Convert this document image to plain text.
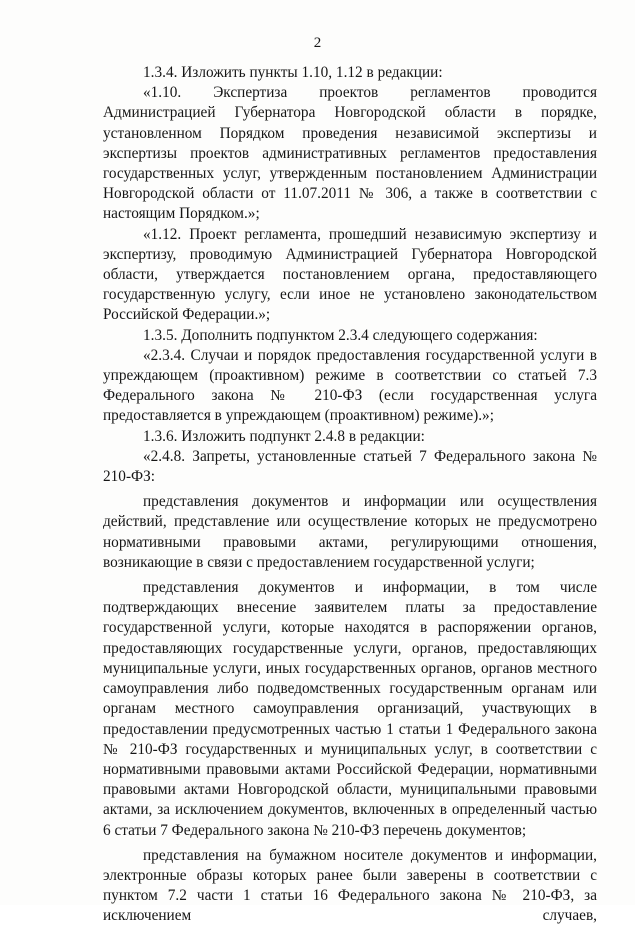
2

1.3.4. Изложить пункты 1.10, 1.12 в редакции:

«1.10. Экспертиза проектов регламентов проводится Администрацией Губернатора Новгородской области в порядке, установленном Порядком проведения независимой экспертизы и экспертизы проектов административных регламентов предоставления государственных услуг, утвержденным постановлением Администрации Новгородской области от 11.07.2011 № 306, а также в соответствии с настоящим Порядком.»;

«1.12. Проект регламента, прошедший независимую экспертизу и экспертизу, проводимую Администрацией Губернатора Новгородской области, утверждается постановлением органа, предоставляющего государственную услугу, если иное не установлено законодательством Российской Федерации.»;

1.3.5. Дополнить подпунктом 2.3.4 следующего содержания:

«2.3.4. Случаи и порядок предоставления государственной услуги в упреждающем (проактивном) режиме в соответствии со статьей 7.3 Федерального закона № 210-ФЗ (если государственная услуга предоставляется в упреждающем (проактивном) режиме).»;

1.3.6. Изложить подпункт 2.4.8 в редакции:

«2.4.8. Запреты, установленные статьей 7 Федерального закона № 210-ФЗ:

представления документов и информации или осуществления действий, представление или осуществление которых не предусмотрено нормативными правовыми актами, регулирующими отношения, возникающие в связи с предоставлением государственной услуги;

представления документов и информации, в том числе подтверждающих внесение заявителем платы за предоставление государственной услуги, которые находятся в распоряжении органов, предоставляющих государственные услуги, органов, предоставляющих муниципальные услуги, иных государственных органов, органов местного самоуправления либо подведомственных государственным органам или органам местного самоуправления организаций, участвующих в предоставлении предусмотренных частью 1 статьи 1 Федерального закона № 210-ФЗ государственных и муниципальных услуг, в соответствии с нормативными правовыми актами Российской Федерации, нормативными правовыми актами Новгородской области, муниципальными правовыми актами, за исключением документов, включенных в определенный частью 6 статьи 7 Федерального закона № 210-ФЗ перечень документов;

представления на бумажном носителе документов и информации, электронные образы которых ранее были заверены в соответствии с пунктом 7.2 части 1 статьи 16 Федерального закона № 210-ФЗ, за исключением случаев,
